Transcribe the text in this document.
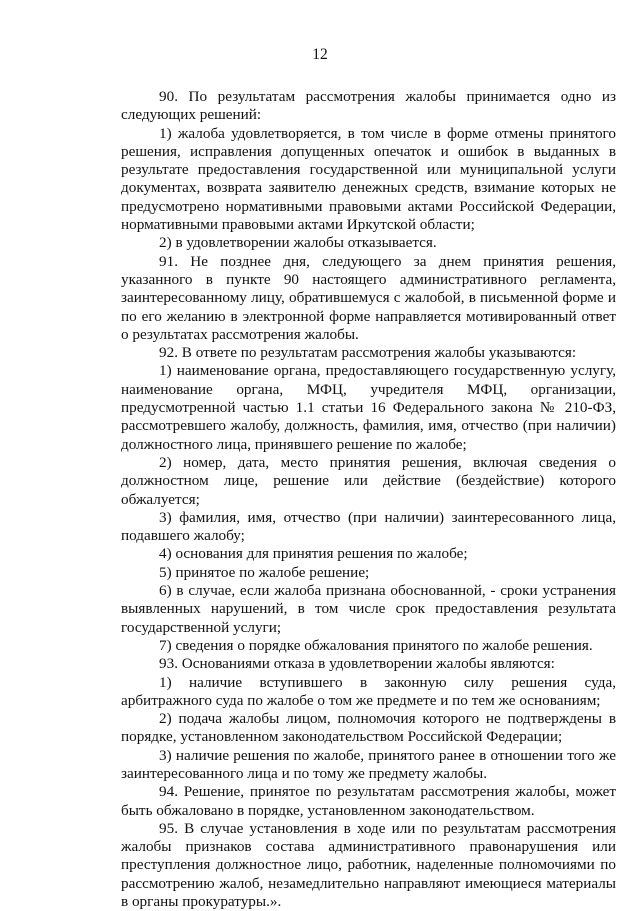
12

90. По результатам рассмотрения жалобы принимается одно из следующих решений:

1) жалоба удовлетворяется, в том числе в форме отмены принятого решения, исправления допущенных опечаток и ошибок в выданных в результате предоставления государственной или муниципальной услуги документах, возврата заявителю денежных средств, взимание которых не предусмотрено нормативными правовыми актами Российской Федерации, нормативными правовыми актами Иркутской области;

2) в удовлетворении жалобы отказывается.

91. Не позднее дня, следующего за днем принятия решения, указанного в пункте 90 настоящего административного регламента, заинтересованному лицу, обратившемуся с жалобой, в письменной форме и по его желанию в электронной форме направляется мотивированный ответ о результатах рассмотрения жалобы.

92. В ответе по результатам рассмотрения жалобы указываются:

1) наименование органа, предоставляющего государственную услугу, наименование органа, МФЦ, учредителя МФЦ, организации, предусмотренной частью 1.1 статьи 16 Федерального закона № 210-ФЗ, рассмотревшего жалобу, должность, фамилия, имя, отчество (при наличии) должностного лица, принявшего решение по жалобе;

2) номер, дата, место принятия решения, включая сведения о должностном лице, решение или действие (бездействие) которого обжалуется;

3) фамилия, имя, отчество (при наличии) заинтересованного лица, подавшего жалобу;

4) основания для принятия решения по жалобе;

5) принятое по жалобе решение;

6) в случае, если жалоба признана обоснованной, - сроки устранения выявленных нарушений, в том числе срок предоставления результата государственной услуги;

7) сведения о порядке обжалования принятого по жалобе решения.

93. Основаниями отказа в удовлетворении жалобы являются:

1) наличие вступившего в законную силу решения суда, арбитражного суда по жалобе о том же предмете и по тем же основаниям;

2) подача жалобы лицом, полномочия которого не подтверждены в порядке, установленном законодательством Российской Федерации;

3) наличие решения по жалобе, принятого ранее в отношении того же заинтересованного лица и по тому же предмету жалобы.

94. Решение, принятое по результатам рассмотрения жалобы, может быть обжаловано в порядке, установленном законодательством.

95. В случае установления в ходе или по результатам рассмотрения жалобы признаков состава административного правонарушения или преступления должностное лицо, работник, наделенные полномочиями по рассмотрению жалоб, незамедлительно направляют имеющиеся материалы в органы прокуратуры.».
